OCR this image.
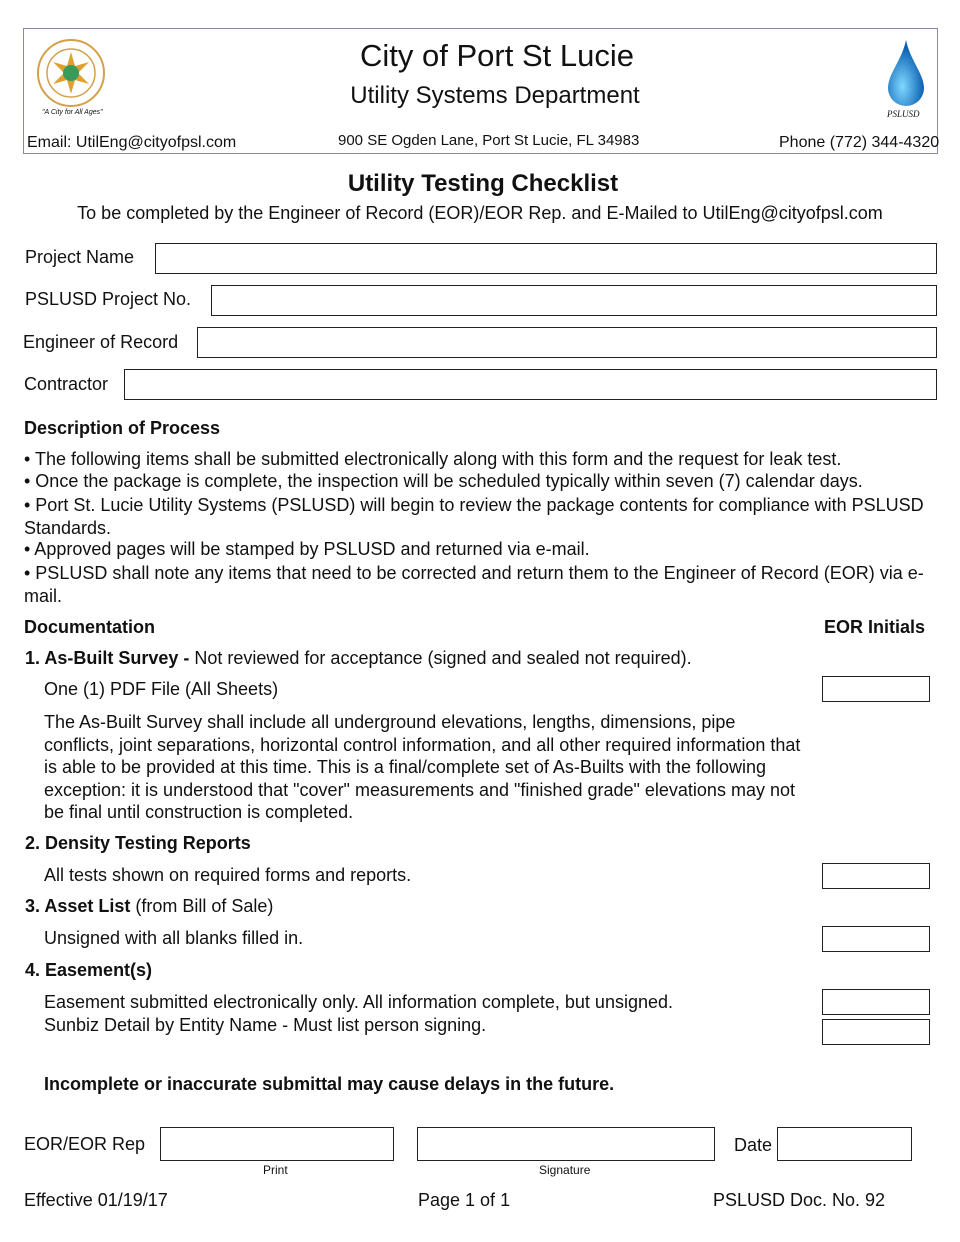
"A City for All Ages"
City of Port St Lucie
Utility Systems Department
PSLUSD
Email: UtilEng@cityofpsl.com	900 SE Ogden Lane, Port St Lucie, FL 34983	Phone (772) 344-4320
Utility Testing Checklist
To be completed by the Engineer of Record (EOR)/EOR Rep. and E-Mailed to UtilEng@cityofpsl.com
Project Name
PSLUSD Project No.
Engineer of Record
Contractor
Description of Process
• The following items shall be submitted electronically along with this form and the request for leak test.
• Once the package is complete, the inspection will be scheduled typically within seven (7) calendar days.

• Port St. Lucie Utility Systems (PSLUSD) will begin to review the package contents for compliance with PSLUSD Standards.

• Approved pages will be stamped by PSLUSD and returned via e-mail.

• PSLUSD shall note any items that need to be corrected and return them to the Engineer of Record (EOR) via e-mail.

Documentation	EOR Initials
1. As-Built Survey - Not reviewed for acceptance (signed and sealed not required).
One (1) PDF File (All Sheets)

The As-Built Survey shall include all underground elevations, lengths, dimensions, pipe conflicts, joint separations, horizontal control information, and all other required information that is able to be provided at this time. This is a final/complete set of As-Builts with the following exception: it is understood that "cover" measurements and "finished grade" elevations may not be final until construction is completed.

2. Density Testing Reports
All tests shown on required forms and reports.
3. Asset List (from Bill of Sale)
Unsigned with all blanks filled in.
4. Easement(s)
Easement submitted electronically only. All information complete, but unsigned.
Sunbiz Detail by Entity Name - Must list person signing.
Incomplete or inaccurate submittal may cause delays in the future.
EOR/EOR Rep
Print	Signature
Date
Effective 01/19/17	Page 1 of 1	PSLUSD Doc. No. 92
